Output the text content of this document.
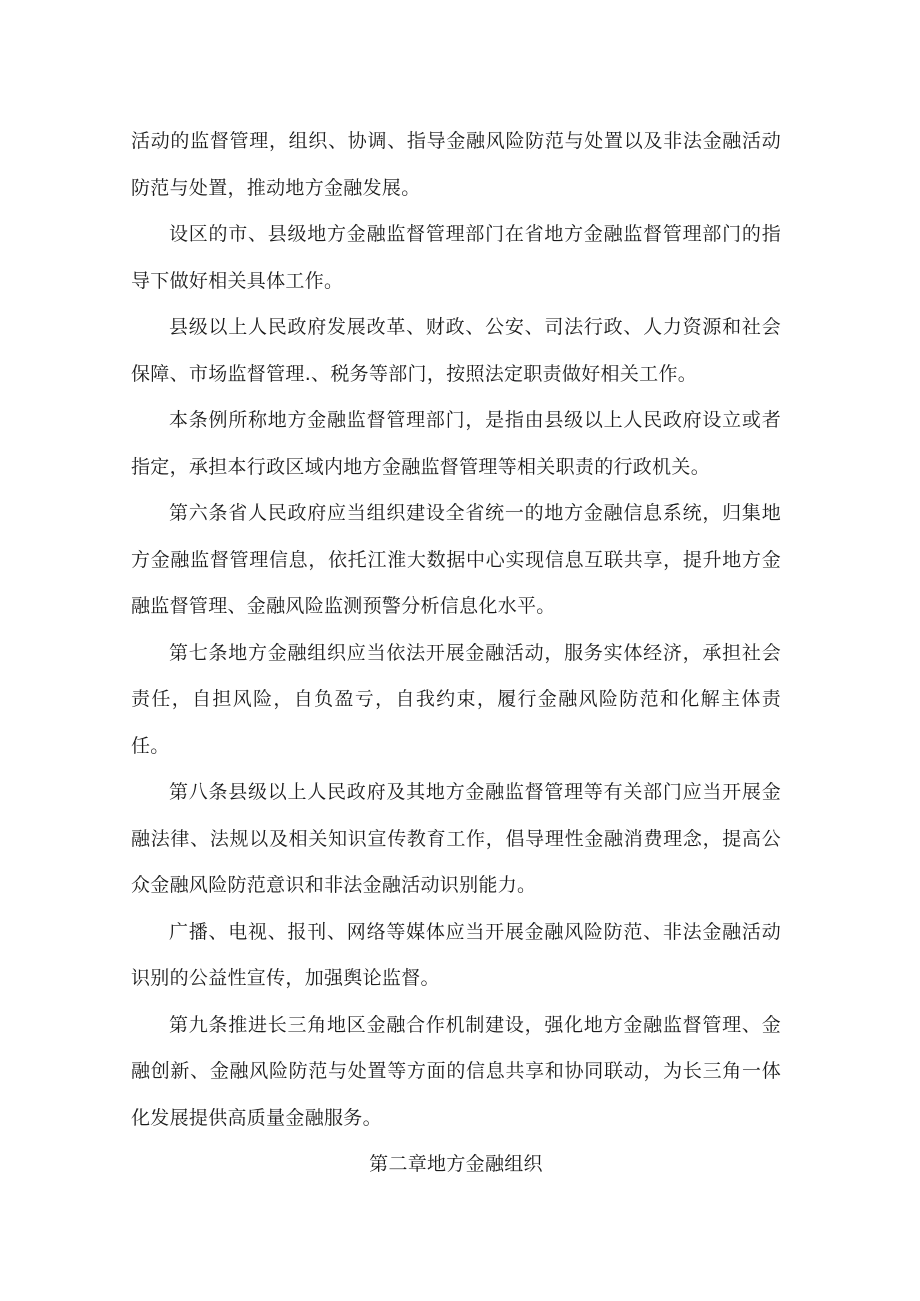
活动的监督管理，组织、协调、指导金融风险防范与处置以及非法金融活动防范与处置，推动地方金融发展。

设区的市、县级地方金融监督管理部门在省地方金融监督管理部门的指导下做好相关具体工作。

县级以上人民政府发展改革、财政、公安、司法行政、人力资源和社会保障、市场监督管理.、税务等部门，按照法定职责做好相关工作。

本条例所称地方金融监督管理部门，是指由县级以上人民政府设立或者指定，承担本行政区域内地方金融监督管理等相关职责的行政机关。

第六条省人民政府应当组织建设全省统一的地方金融信息系统，归集地方金融监督管理信息，依托江淮大数据中心实现信息互联共享，提升地方金融监督管理、金融风险监测预警分析信息化水平。

第七条地方金融组织应当依法开展金融活动，服务实体经济，承担社会责任，自担风险，自负盈亏，自我约束，履行金融风险防范和化解主体责任。

第八条县级以上人民政府及其地方金融监督管理等有关部门应当开展金融法律、法规以及相关知识宣传教育工作，倡导理性金融消费理念，提高公众金融风险防范意识和非法金融活动识别能力。

广播、电视、报刊、网络等媒体应当开展金融风险防范、非法金融活动识别的公益性宣传，加强舆论监督。

第九条推进长三角地区金融合作机制建设，强化地方金融监督管理、金融创新、金融风险防范与处置等方面的信息共享和协同联动，为长三角一体化发展提供高质量金融服务。

第二章地方金融组织
